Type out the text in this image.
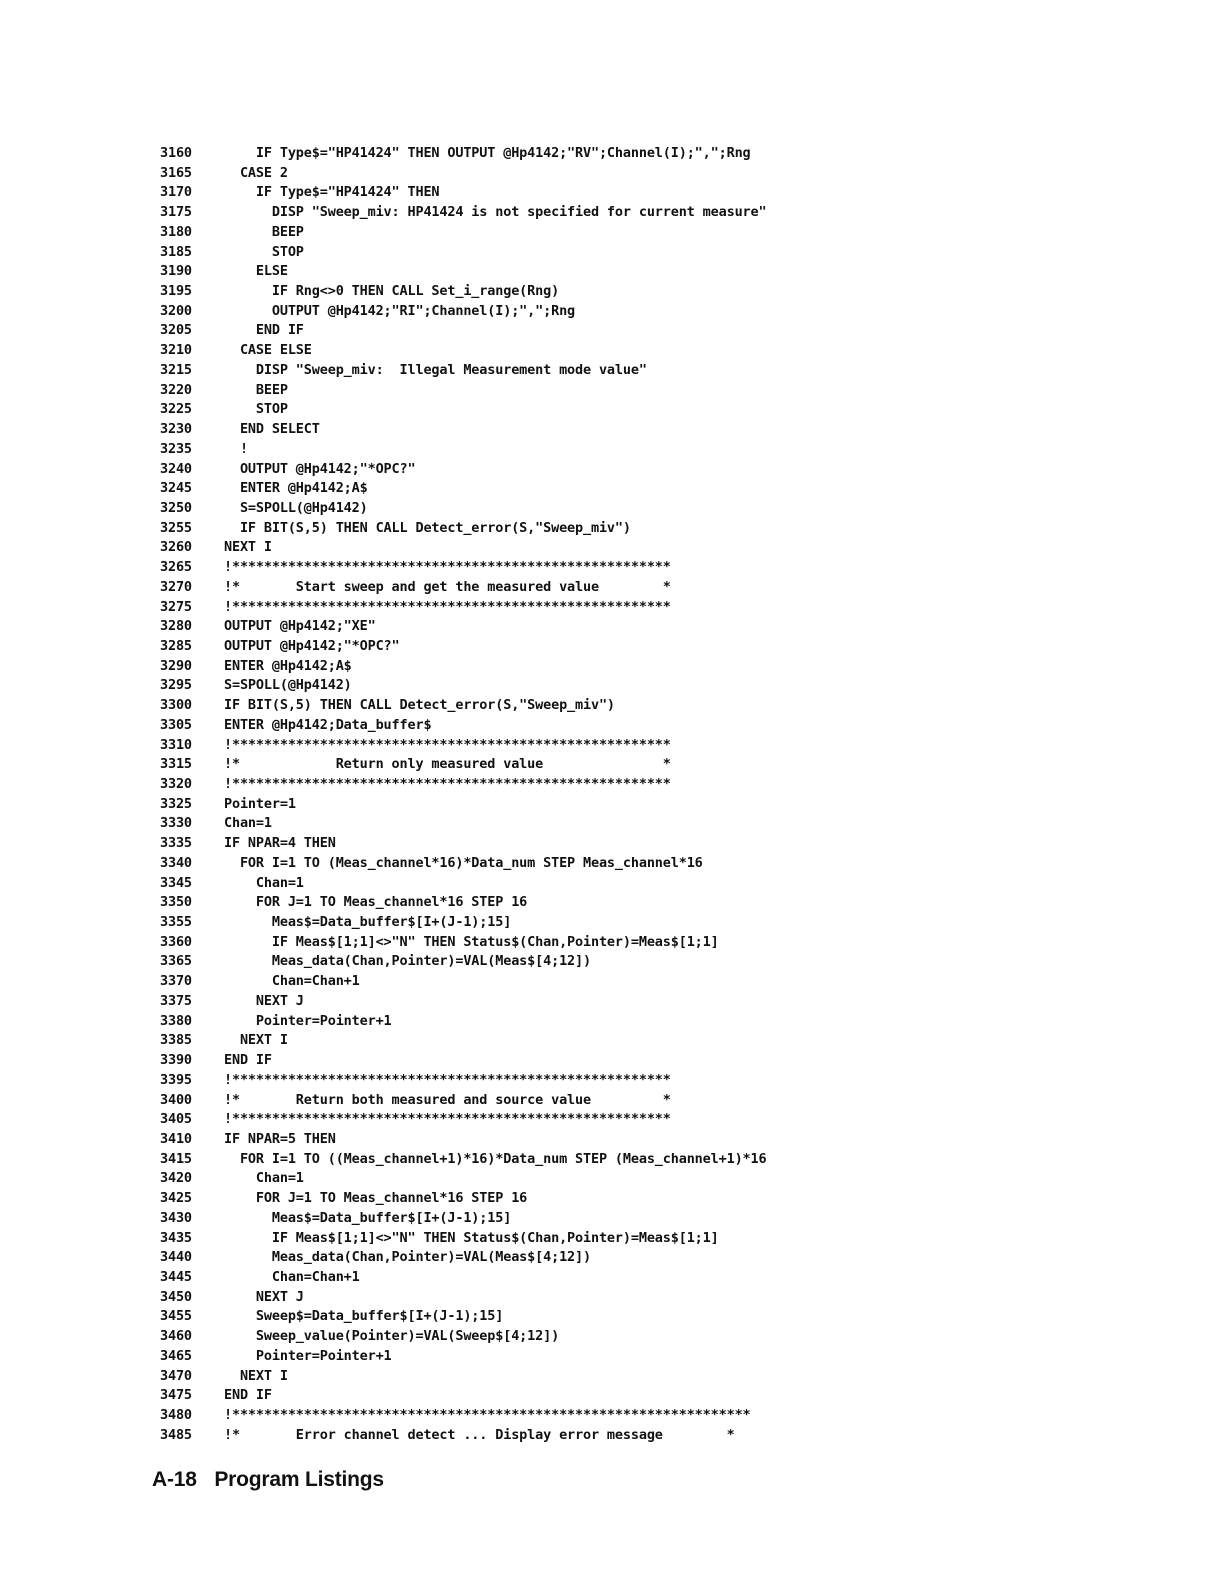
3160    IF Type$="HP41424" THEN OUTPUT @Hp4142;"RV";Channel(I);",";Rng
3165  CASE 2
3170    IF Type$="HP41424" THEN
3175      DISP "Sweep_miv: HP41424 is not specified for current measure"
3180      BEEP
3185      STOP
3190    ELSE
3195      IF Rng<>0 THEN CALL Set_i_range(Rng)
3200      OUTPUT @Hp4142;"RI";Channel(I);",";Rng
3205    END IF
3210  CASE ELSE
3215    DISP "Sweep_miv:  Illegal Measurement mode value"
3220    BEEP
3225    STOP
3230  END SELECT
3235  !
3240  OUTPUT @Hp4142;"*OPC?"
3245  ENTER @Hp4142;A$
3250  S=SPOLL(@Hp4142)
3255  IF BIT(S,5) THEN CALL Detect_error(S,"Sweep_miv")
3260 NEXT I
3265 !*******************************************************
3270 !*       Start sweep and get the measured value        *
3275 !*******************************************************
3280 OUTPUT @Hp4142;"XE"
3285 OUTPUT @Hp4142;"*OPC?"
3290 ENTER @Hp4142;A$
3295 S=SPOLL(@Hp4142)
3300 IF BIT(S,5) THEN CALL Detect_error(S,"Sweep_miv")
3305 ENTER @Hp4142;Data_buffer$
3310 !*******************************************************
3315 !*            Return only measured value               *
3320 !*******************************************************
3325 Pointer=1
3330 Chan=1
3335 IF NPAR=4 THEN
3340  FOR I=1 TO (Meas_channel*16)*Data_num STEP Meas_channel*16
3345    Chan=1
3350    FOR J=1 TO Meas_channel*16 STEP 16
3355      Meas$=Data_buffer$[I+(J-1);15]
3360      IF Meas$[1;1]<>"N" THEN Status$(Chan,Pointer)=Meas$[1;1]
3365      Meas_data(Chan,Pointer)=VAL(Meas$[4;12])
3370      Chan=Chan+1
3375    NEXT J
3380    Pointer=Pointer+1
3385  NEXT I
3390 END IF
3395 !*******************************************************
3400 !*       Return both measured and source value         *
3405 !*******************************************************
3410 IF NPAR=5 THEN
3415  FOR I=1 TO ((Meas_channel+1)*16)*Data_num STEP (Meas_channel+1)*16
3420    Chan=1
3425    FOR J=1 TO Meas_channel*16 STEP 16
3430      Meas$=Data_buffer$[I+(J-1);15]
3435      IF Meas$[1;1]<>"N" THEN Status$(Chan,Pointer)=Meas$[1;1]
3440      Meas_data(Chan,Pointer)=VAL(Meas$[4;12])
3445      Chan=Chan+1
3450    NEXT J
3455    Sweep$=Data_buffer$[I+(J-1);15]
3460    Sweep_value(Pointer)=VAL(Sweep$[4;12])
3465    Pointer=Pointer+1
3470  NEXT I
3475 END IF
3480 !*****************************************************************
3485 !*       Error channel detect ... Display error message        *
A-18 Program Listings
